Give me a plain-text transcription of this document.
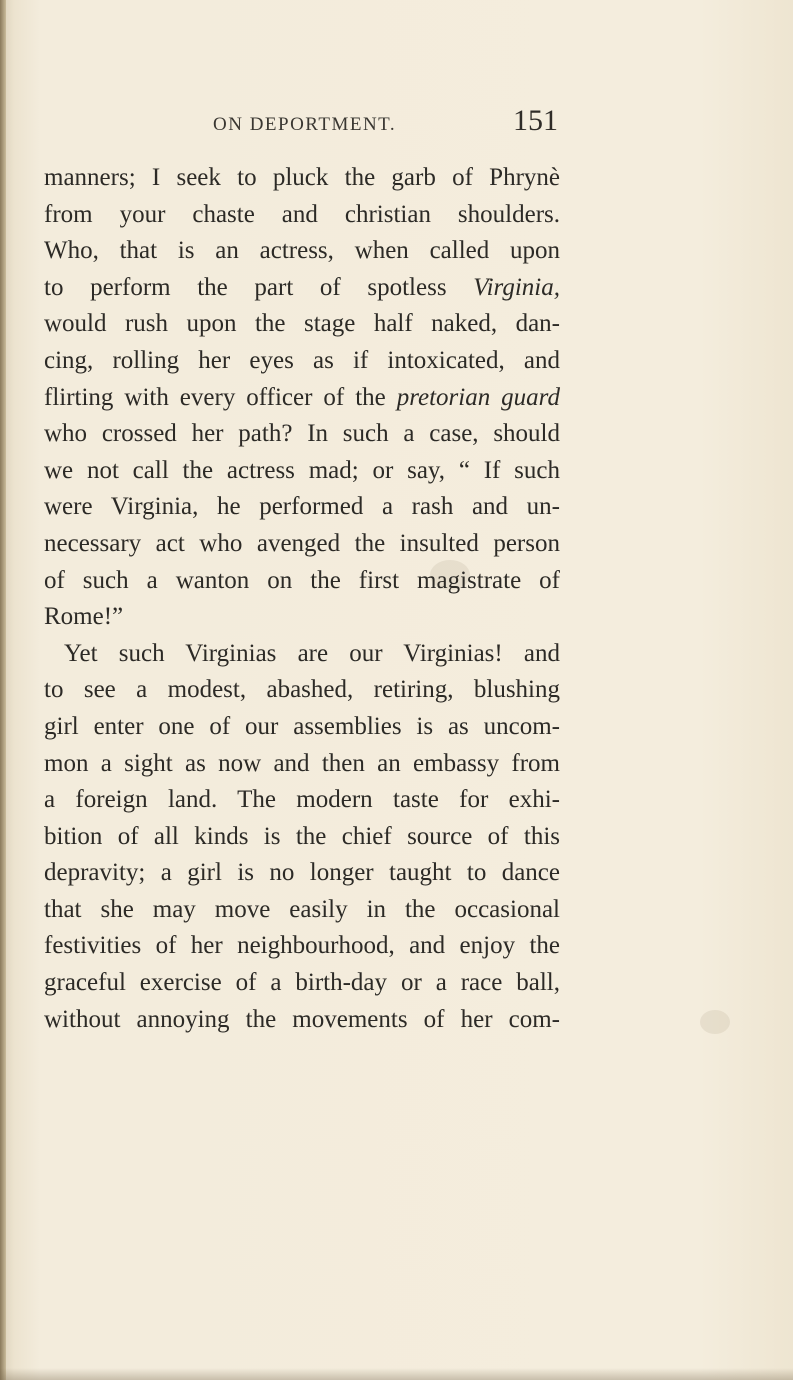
ON DEPORTMENT.	151
manners; I seek to pluck the garb of Phrynè
from your chaste and christian shoulders.
Who, that is an actress, when called upon
to perform the part of spotless Virginia,
would rush upon the stage half naked, dan-
cing, rolling her eyes as if intoxicated, and
flirting with every officer of the pretorian guard
who crossed her path? In such a case, should
we not call the actress mad; or say, “ If such
were Virginia, he performed a rash and un-
necessary act who avenged the insulted person
of such a wanton on the first magistrate of
Rome!”
Yet such Virginias are our Virginias! and
to see a modest, abashed, retiring, blushing
girl enter one of our assemblies is as uncom-
mon a sight as now and then an embassy from
a foreign land. The modern taste for exhi-
bition of all kinds is the chief source of this
depravity; a girl is no longer taught to dance
that she may move easily in the occasional
festivities of her neighbourhood, and enjoy the
graceful exercise of a birth-day or a race ball,
without annoying the movements of her com-
